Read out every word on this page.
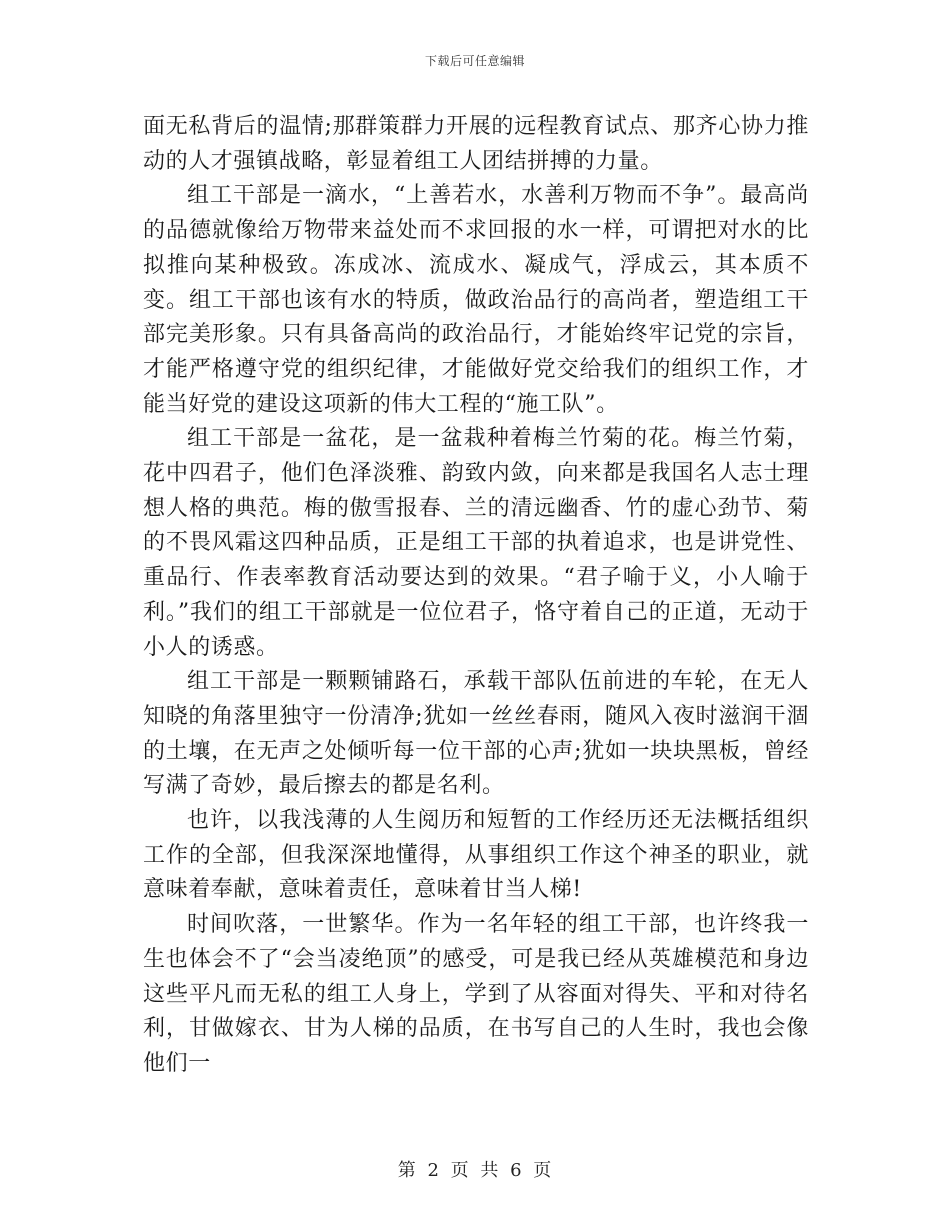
下载后可任意编辑

面无私背后的温情;那群策群力开展的远程教育试点、那齐心协力推动的人才强镇战略，彰显着组工人团结拼搏的力量。

组工干部是一滴水，“上善若水，水善利万物而不争”。最高尚的品德就像给万物带来益处而不求回报的水一样，可谓把对水的比拟推向某种极致。冻成冰、流成水、凝成气，浮成云，其本质不变。组工干部也该有水的特质，做政治品行的高尚者，塑造组工干部完美形象。只有具备高尚的政治品行，才能始终牢记党的宗旨，才能严格遵守党的组织纪律，才能做好党交给我们的组织工作，才能当好党的建设这项新的伟大工程的“施工队”。

组工干部是一盆花，是一盆栽种着梅兰竹菊的花。梅兰竹菊，花中四君子，他们色泽淡雅、韵致内敛，向来都是我国名人志士理想人格的典范。梅的傲雪报春、兰的清远幽香、竹的虚心劲节、菊的不畏风霜这四种品质，正是组工干部的执着追求，也是讲党性、重品行、作表率教育活动要达到的效果。“君子喻于义，小人喻于利。”我们的组工干部就是一位位君子，恪守着自己的正道，无动于小人的诱惑。

组工干部是一颗颗铺路石，承载干部队伍前进的车轮，在无人知晓的角落里独守一份清净;犹如一丝丝春雨，随风入夜时滋润干涸的土壤，在无声之处倾听每一位干部的心声;犹如一块块黑板，曾经写满了奇妙，最后擦去的都是名利。

也许，以我浅薄的人生阅历和短暂的工作经历还无法概括组织工作的全部，但我深深地懂得，从事组织工作这个神圣的职业，就意味着奉献，意味着责任，意味着甘当人梯!

时间吹落，一世繁华。作为一名年轻的组工干部，也许终我一生也体会不了“会当凌绝顶”的感受，可是我已经从英雄模范和身边这些平凡而无私的组工人身上，学到了从容面对得失、平和对待名利，甘做嫁衣、甘为人梯的品质，在书写自己的人生时，我也会像他们一

第 2 页 共 6 页
